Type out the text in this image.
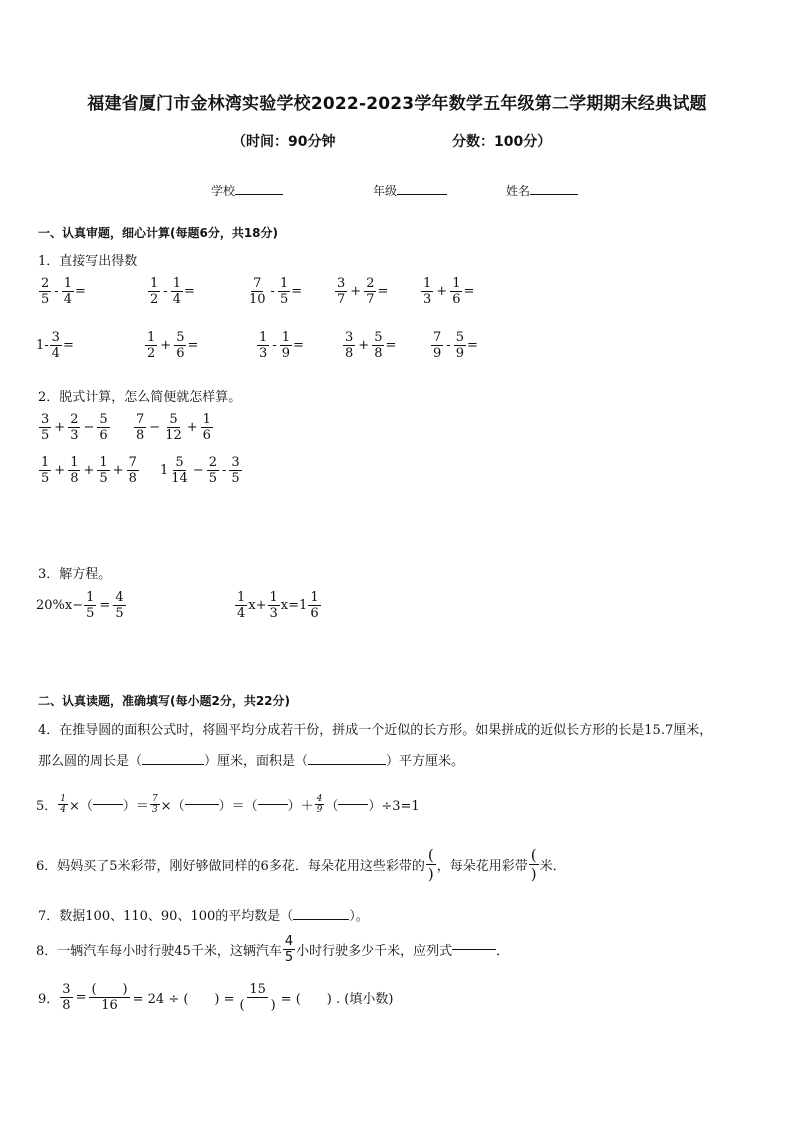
福建省厦门市金林湾实验学校2022-2023学年数学五年级第二学期期末经典试题
（时间：90分钟	分数：100分）
学校	年级	姓名
一、认真审题，细心计算(每题6分，共18分)
1．直接写出得数
$\frac{2}{5} - \frac{1}{4}$ =	$\frac{1}{2} - \frac{1}{4}$ =	$\frac{7}{10} - \frac{1}{5}$ =	$\frac{3}{7} + \frac{2}{7}$ =	$\frac{1}{3} + \frac{1}{6}$ =
$1- \frac{3}{4}$ =	$\frac{1}{2} + \frac{5}{6}$ =	$\frac{1}{3} - \frac{1}{9}$ =	$\frac{3}{8} + \frac{5}{8}$ =	$\frac{7}{9} - \frac{5}{9}$ =
2．脱式计算，怎么简便就怎样算。
$\frac{3}{5} + \frac{2}{3} - \frac{5}{6} \frac{7}{8} - \frac{5}{12} + \frac{1}{6}$
$\frac{1}{5} + \frac{1}{8} + \frac{1}{5} + \frac{7}{8} 1 \frac{5}{14} - \frac{2}{5} - \frac{3}{5}$
3．解方程。
$20\%x- \frac{1}{5} = \frac{4}{5}$	$\frac{1}{4} x+ \frac{1}{3} x= 1 \frac{1}{6}$
二、认真读题，准确填写(每小题2分，共22分)
4．在推导圆的面积公式时，将圆平均分成若干份，拼成一个近似的长方形。如果拼成的近似长方形的长是15.7厘米，
那么圆的周长是（	）厘米，面积是（	）平方厘米。
5． $\frac{1}{4}$ ×（ ）＝ $\frac{7}{3}$ ×（	）＝（ ）＋ $\frac{4}{9}$ （ ）÷3=1
6．妈妈买了5米彩带，刚好够做同样的6多花．每朵花用这些彩带的 $\frac{(}{)}$ ，每朵花用彩带 $\frac{(}{)}$ 米．
7．数据100、110、90、100的平均数是（	）。
8．一辆汽车每小时行驶45千米，这辆汽车 $\frac{4}{5}$ 小时行驶多少千米，应列式	．
9． $\frac{3}{8} = \frac{( )}{16} = 24$ ÷ (　　) = $\frac{15}{( )}$ = (　　) . (填小数)
